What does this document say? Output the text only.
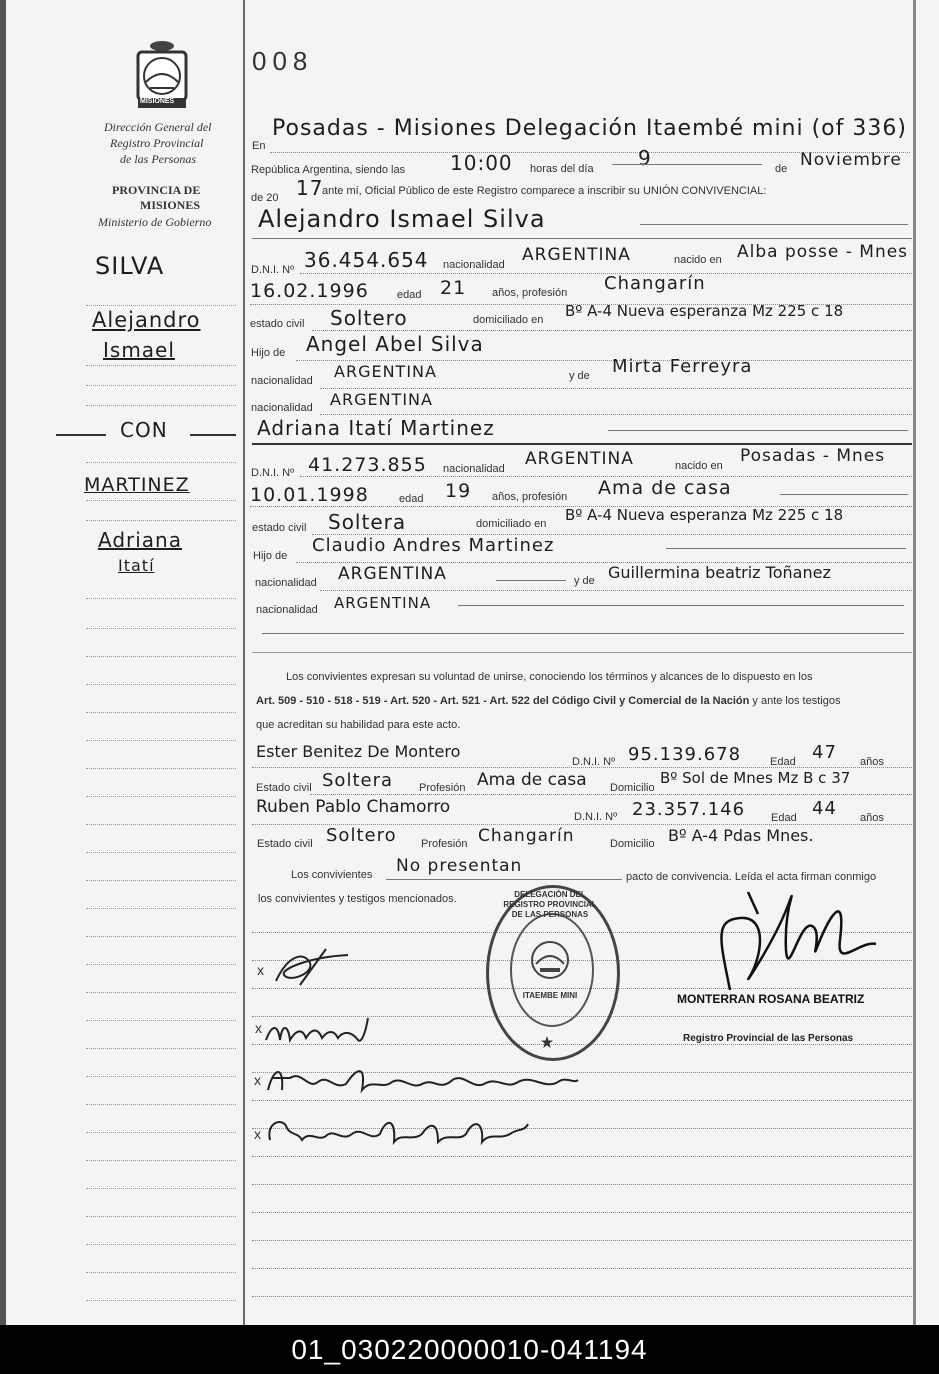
MISIONES
Dirección General del
Registro Provincial
de las Personas
PROVINCIA DE
MISIONES
Ministerio de Gobierno
SILVA
Alejandro
Ismael
CON
MARTINEZ
Adriana
Itatí
008
En
Posadas - Misiones Delegación Itaembé mini (of 336)
República Argentina, siendo las 10:00 horas del día 9	de Noviembre
de 20 17
ante mí, Oficial Público de este Registro comparece a inscribir su UNIÓN CONVIVENCIAL:
Alejandro Ismael Silva
D.N.I. Nº 36.454.654 nacionalidad ARGENTINA	nacido en Alba posse - Mnes
16.02.1996	edad 21 años, profesión Changarín
estado civil Soltero	domiciliado en Bº A-4 Nueva esperanza Mz 225 c 18
Hijo de Angel Abel Silva
nacionalidad ARGENTINA	y de Mirta Ferreyra
nacionalidad ARGENTINA
Adriana Itatí Martinez
D.N.I. Nº 41.273.855 nacionalidad ARGENTINA	nacido en Posadas - Mnes
10.01.1998	edad 19 años, profesión Ama de casa
estado civil Soltera	domiciliado en Bº A-4 Nueva esperanza Mz 225 c 18
Hijo de Claudio Andres Martinez
nacionalidad ARGENTINA	y de Guillermina beatriz Toñanez
nacionalidad ARGENTINA
Los convivientes expresan su voluntad de unirse, conociendo los términos y alcances de lo dispuesto en los
Art. 509 - 510 - 518 - 519 - Art. 520 - Art. 521 - Art. 522 del Código Civil y Comercial de la Nación y ante los testigos
que acreditan su habilidad para este acto.
Ester Benitez De Montero
D.N.I. Nº 95.139.678	Edad 47 años
Estado civil Soltera Profesión Ama de casa Domicilio
Bº Sol de Mnes Mz B c 37
Ruben Pablo Chamorro	D.N.I. Nº 23.357.146 Edad 44 años
Estado civil Soltero Profesión Changarín	Domicilio Bº A-4 Pdas Mnes.
Los convivientes No presentan
pacto de convivencia. Leída el acta firman conmigo
los convivientes y testigos mencionados.
x
x
x
x
DELEGACIÓN DEL REGISTRO PROVINCIAL DE LAS PERSONAS
ITAEMBE MINI	MONTERRAN ROSANA BEATRIZ
Registro Provincial de las Personas
01_030220000010-041194
